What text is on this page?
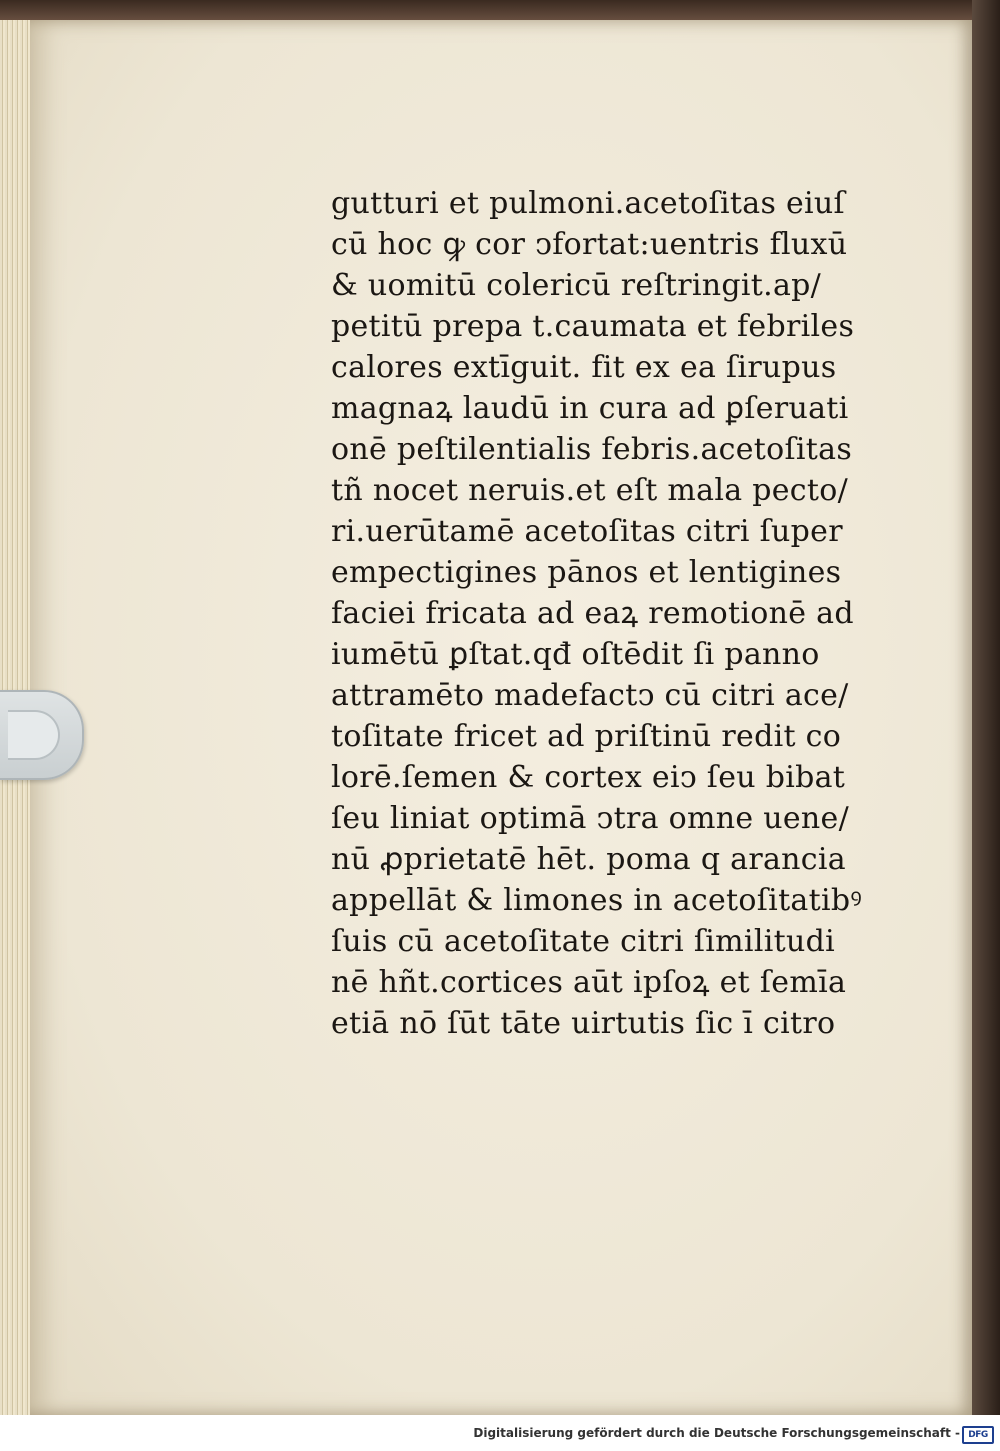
gutturi et pulmoni.acetoſitas eiuſ
cū hoc ꝙ cor ↄfortat:uentris fluxū
& uomitū colericū reſtringit.ap/
petitū prepa t.caumata et febriles
calores extīguit. fit ex ea ſirupus
magnaꝝ laudū in cura ad ꝑſeruati
onē peſtilentialis febris.acetoſitas
tñ nocet neruis.et eſt mala pecto/
ri.uerūtamē acetoſitas citri ſuper
empectigines pānos et lentigines
faciei fricata ad eaꝝ remotionē ad
iumētū ꝑſtat.qđ oſtēdit ſi panno
attramēto madefactↄ cū citri ace/
toſitate fricet ad priſtinū redit co
lorē.ſemen & cortex eiↄ ſeu bibat
ſeu liniat optimā ↄtra omne uene/
nū ꝓprietatē hēt. poma q arancia
appellāt & limones in acetoſitatibꝰ
ſuis cū acetoſitate citri ſimilitudi
nē hñt.cortices aūt ipſoꝝ et ſemīa
etiā nō ſūt tāte uirtutis ſic ī citro
Digitalisierung gefördert durch die Deutsche Forschungsgemeinschaft - DFG
